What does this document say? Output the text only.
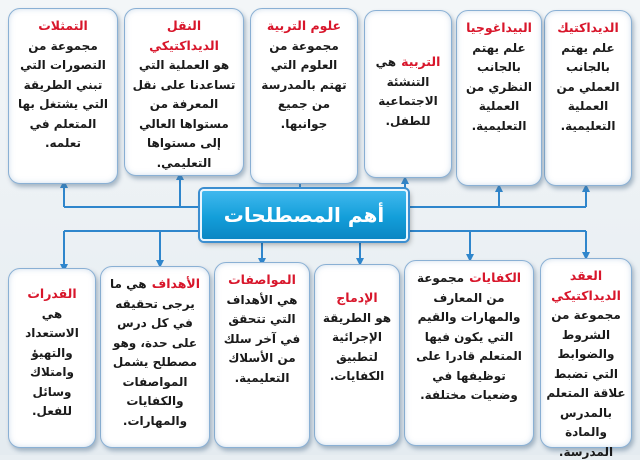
الديداكتيك
علم يهتم بالجانب العملي من العملية التعليمية.
البيداغوجيا
علم يهتم بالجانب النظري من العملية التعليمية.
التربية هي التنشئة الاجتماعية للطفل.
علوم التربية
مجموعة من العلوم التي تهتم بالمدرسة من جميع جوانبها.
النقل الديداكتيكي
هو العملية التي تساعدنا على نقل المعرفة من مستواها العالي إلى مستواها التعليمي.
التمثلات
مجموعة من التصورات التي تبني الطريقة التي يشتغل بها المتعلم في تعلمه.
أهم المصطلحات
العقد الديداكتيكي
مجموعة من الشروط والضوابط التي تضبط علاقة المتعلم بالمدرس والمادة المدرسة.
الكفايات مجموعة من المعارف والمهارات والقيم التي يكون فيها المتعلم قادرا على توظيفها في وضعيات مختلفة.
الإدماج
هو الطريقة الإجرائية لتطبيق الكفايات.
المواصفات
هي الأهداف التي تتحقق في آخر سلك من الأسلاك التعليمية.
الأهداف هي ما يرجى تحقيقه في كل درس على حدة، وهو مصطلح يشمل المواصفات والكفايات والمهارات.
القدرات
هي الاستعداد والتهيؤ وامتلاك وسائل للفعل.
